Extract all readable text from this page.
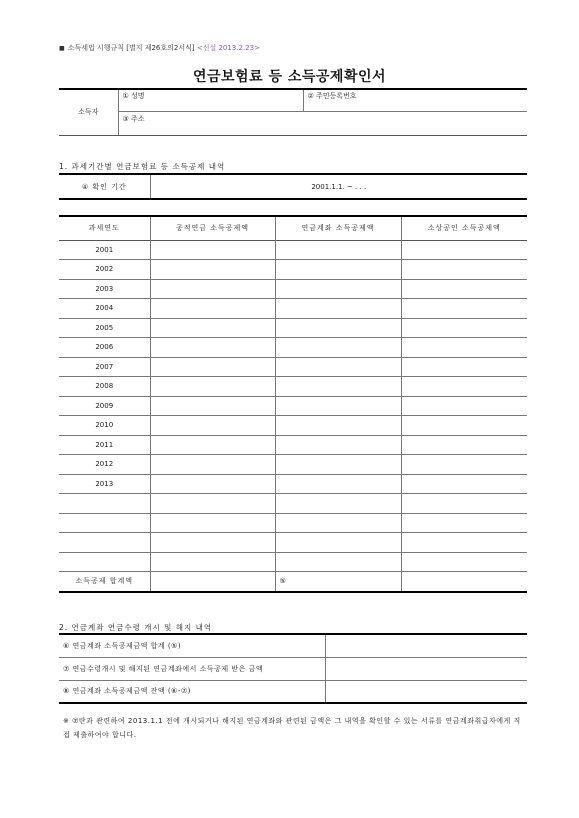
■ 소득세법 시행규칙 [별지 제26호의2서식] <신설 2013.2.23>
연금보험료 등 소득공제확인서
소득자	① 성명	② 주민등록번호
③ 주소
1. 과세기간별 연금보험료 등 소득공제 내역
④ 확인 기간	2001.1.1. ~ . . .
과세연도	공적연금 소득공제액	연금계좌 소득공제액	소상공인 소득공제액
2001			
2002			
2003			
2004			
2005			
2006			
2007			
2008			
2009			
2010			
2011			
2012			
2013			

소득공제 합계액		⑤	
2. 연금계좌 연금수령 개시 및 해지 내역
⑥ 연금계좌 소득공제금액 합계 (⑤)	
⑦ 연금수령개시 및 해지된 연금계좌에서 소득공제 받은 금액	
⑧ 연금계좌 소득공제금액 잔액 (⑥-⑦)	
※ ⑦란과 관련하여 2013.1.1 전에 개시되거나 해지된 연금계좌와 관련된 금액은 그 내역을 확인할 수 있는 서류를 연금계좌취급자에게 직접 제출하여야 합니다.
